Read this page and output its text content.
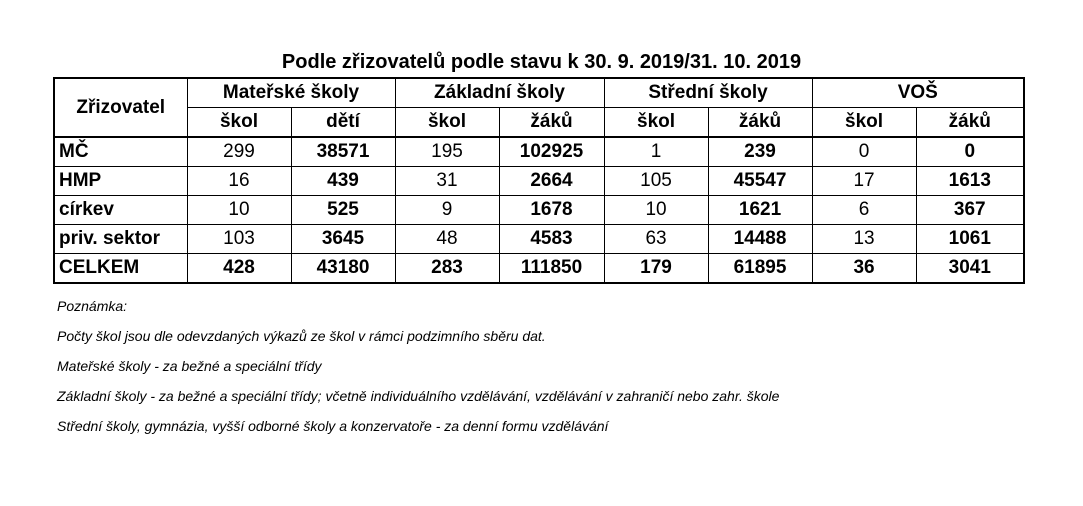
Podle zřizovatelů podle stavu k 30. 9. 2019/31. 10. 2019
Zřizovatel	Mateřské školy		Základní školy		Střední školy		VOŠ	
	škol	dětí	škol	žáků	škol	žáků	škol	žáků
MČ	299	38571	195	102925	1	239	0	0
HMP	16	439	31	2664	105	45547	17	1613
církev	10	525	9	1678	10	1621	6	367
priv. sektor	103	3645	48	4583	63	14488	13	1061
CELKEM	428	43180	283	111850	179	61895	36	3041
Poznámka:
Počty škol jsou dle odevzdaných výkazů ze škol v rámci podzimního sběru dat.
Mateřské školy - za bežné a speciální třídy
Základní školy - za bežné a speciální třídy; včetně individuálního vzdělávání, vzdělávání v zahraničí nebo zahr. škole
Střední školy, gymnázia, vyšší odborné školy a konzervatoře - za denní formu vzdělávání
